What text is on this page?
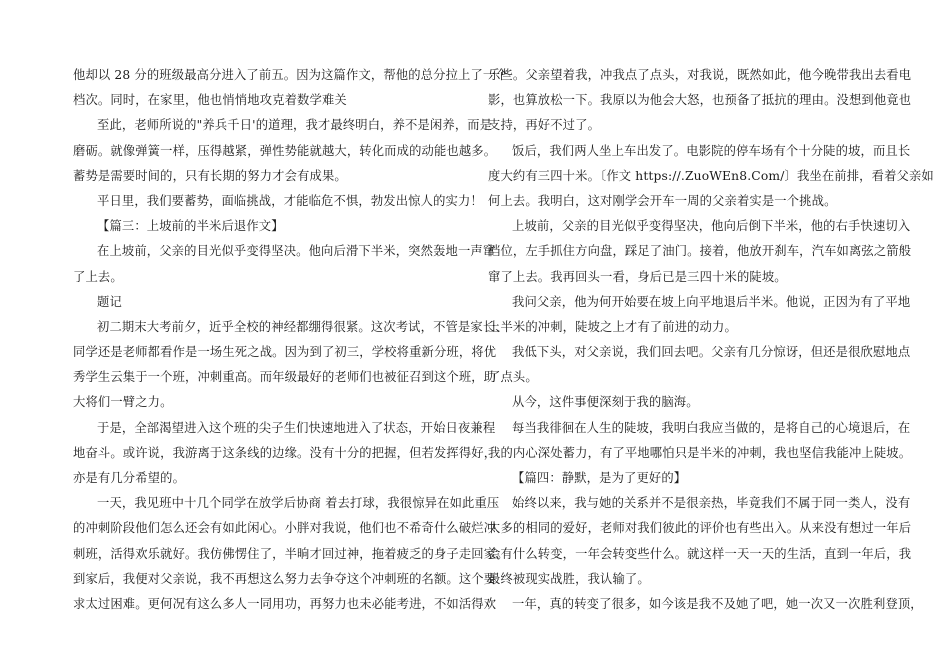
他却以 28 分的班级最高分进入了前五。因为这篇作文，帮他的总分拉上了一个
档次。同时，在家里，他也悄悄地攻克着数学难关
至此，老师所说的"养兵千日'的道理，我才最终明白，养不是闲养，而是
磨砺。就像弹簧一样，压得越紧，弹性势能就越大，转化而成的动能也越多。
蓄势是需要时间的，只有长期的努力才会有成果。
平日里，我们要蓄势，面临挑战，才能临危不惧，勃发出惊人的实力！
【篇三：上坡前的半米后退作文】
在上坡前，父亲的目光似乎变得坚决。他向后滑下半米，突然轰地一声窜
了上去。
题记
初二期末大考前夕，近乎全校的神经都绷得很紧。这次考试，不管是家长、
同学还是老师都看作是一场生死之战。因为到了初三，学校将重新分班，将优
秀学生云集于一个班，冲刺重高。而年级最好的老师们也被征召到这个班，助
大将们一臂之力。
于是，全部渴望进入这个班的尖子生们快速地进入了状态，开始日夜兼程
地奋斗。或许说，我游离于这条线的边缘。没有十分的把握，但若发挥得好，
亦是有几分希望的。
一天，我见班中十几个同学在放学后协商 着去打球，我很惊异在如此重压
的冲刺阶段他们怎么还会有如此闲心。小胖对我说，他们也不希奇什么破烂冲
刺班，活得欢乐就好。我仿佛愣住了，半晌才回过神，拖着疲乏的身子走回家。
到家后，我便对父亲说，我不再想这么努力去争夺这个冲刺班的名额。这个要
求太过困难。更何况有这么多人一同用功，再努力也未必能考进，不如活得欢
乐些。父亲望着我，冲我点了点头，对我说，既然如此，他今晚带我出去看电
影，也算放松一下。我原以为他会大怒，也预备了抵抗的理由。没想到他竟也
支持，再好不过了。
饭后，我们两人坐上车出发了。电影院的停车场有个十分陡的坡，而且长
度大约有三四十米。〔作文 https://.ZuoWEn8.Com/〕我坐在前排，看着父亲如
何上去。我明白，这对刚学会开车一周的父亲着实是一个挑战。
上坡前，父亲的目光似乎变得坚决，他向后倒下半米，他的右手快速切入
档位，左手抓住方向盘，踩足了油门。接着，他放开刹车，汽车如离弦之箭般
窜了上去。我再回头一看，身后已是三四十米的陡坡。
我问父亲，他为何开始要在坡上向平地退后半米。他说，正因为有了平地
上半米的冲刺，陡坡之上才有了前进的动力。
我低下头，对父亲说，我们回去吧。父亲有几分惊讶，但还是很欣慰地点
了点头。
从今，这件事便深刻于我的脑海。
每当我徘徊在人生的陡坡，我明白我应当做的，是将自己的心境退后，在
我的内心深处蓄力，有了平地哪怕只是半米的冲刺，我也坚信我能冲上陡坡。
【篇四：静默，是为了更好的】
始终以来，我与她的关系并不是很亲热，毕竟我们不属于同一类人，没有
太多的相同的爱好，老师对我们彼此的评价也有些出入。从来没有想过一年后
会有什么转变，一年会转变些什么。就这样一天一天的生活，直到一年后，我
最终被现实战胜，我认输了。
一年，真的转变了很多，如今该是我不及她了吧，她一次又一次胜利登顶，
